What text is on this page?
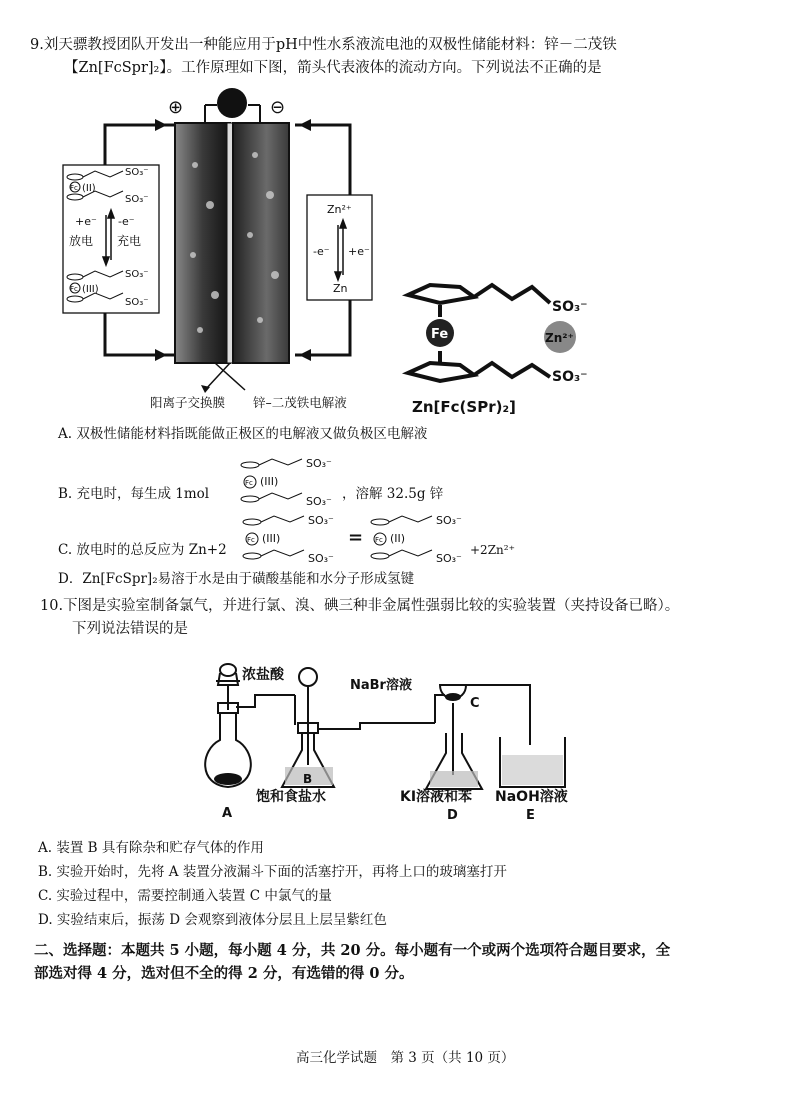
9.刘天骠教授团队开发出一种能应用于pH中性水系液流电池的双极性储能材料：锌－二茂铁
【Zn[FcSpr]₂】。工作原理如下图，箭头代表液体的流动方向。下列说法不正确的是
⊕	⊖
Fc (II)
SO₃⁻
SO₃⁻
+e⁻ -e⁻
放电 充电
Fc (III)
SO₃⁻
SO₃⁻
Zn²⁺
-e⁻ +e⁻
Zn
阳离子交换膜 锌–二茂铁电解液
Fe	Zn²⁺
SO₃⁻
SO₃⁻
Zn[Fc(SPr)₂]
A. 双极性储能材料指既能做正极区的电解液又做负极区电解液
B. 充电时，每生成 1mol
Fc (III)
SO₃⁻
SO₃⁻ ，溶解 32.5g 锌
C. 放电时的总反应为 Zn+2
Fc (III)
SO₃⁻
SO₃⁻
= Fc (II)
SO₃⁻
SO₃⁻
+2Zn²⁺
D．Zn[FcSpr]₂易溶于水是由于磺酸基能和水分子形成氢键
10.下图是实验室制备氯气，并进行氯、溴、碘三种非金属性强弱比较的实验装置（夹持设备已略）。
下列说法错误的是
浓盐酸
A
B
饱和食盐水
NaBr溶液
C
KI溶液和苯
D
NaOH溶液
E
A. 装置 B 具有除杂和贮存气体的作用
B. 实验开始时，先将 A 装置分液漏斗下面的活塞拧开，再将上口的玻璃塞打开
C. 实验过程中，需要控制通入装置 C 中氯气的量
D. 实验结束后，振荡 D 会观察到液体分层且上层呈紫红色
二、选择题：本题共 5 小题，每小题 4 分，共 20 分。每小题有一个或两个选项符合题目要求，全
部选对得 4 分，选对但不全的得 2 分，有选错的得 0 分。
高三化学试题　第 3 页（共 10 页）
